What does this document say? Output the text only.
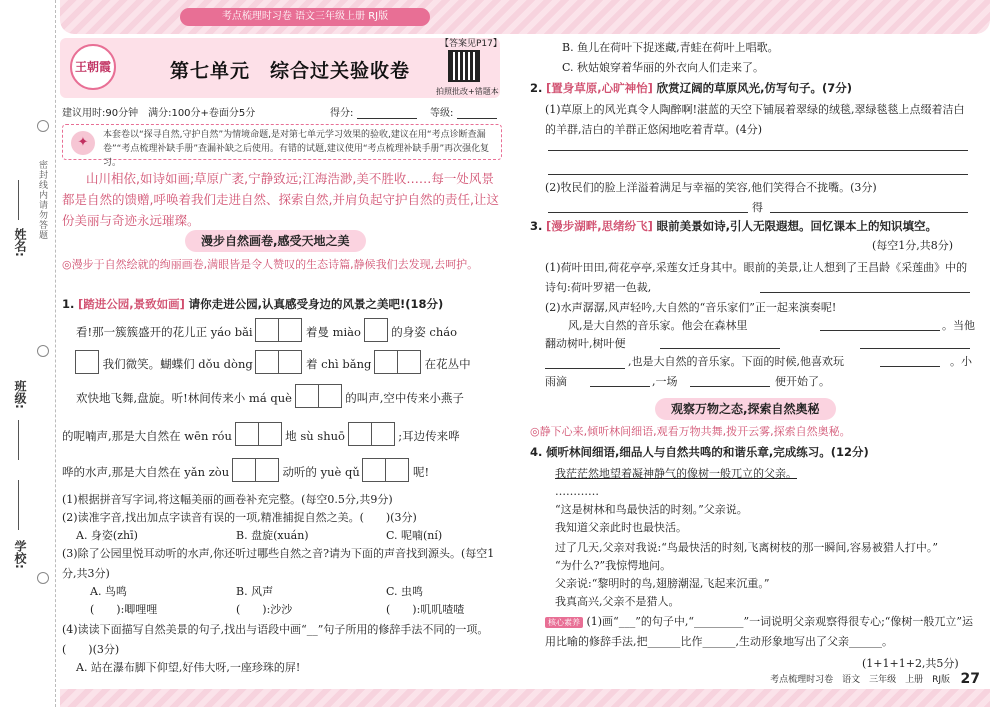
考点梳理时习卷 语文三年级上册 RJ版
姓名:
班级:
学校:
密封线内请勿答题
王朝霞	第七单元　综合过关验收卷
【答案见P17】
拍照批改+错题本
建议用时:90分钟　满分:100分+卷面分5分	得分:	等级:
✦	本套卷以“探寻自然,守护自然”为情境命题,是对第七单元学习效果的验收,建议在用“考点诊断查漏卷”“考点梳理补缺手册”查漏补缺之后使用。有错的试题,建议使用“考点梳理补缺手册”再次强化复习。
山川相依,如诗如画;草原广袤,宁静致远;江海浩渺,美不胜收……每一处风景都是自然的馈赠,呼唤着我们走进自然、探索自然,并肩负起守护自然的责任,让这份美丽与奇迹永远璀璨。
漫步自然画卷,感受天地之美
◎漫步于自然绘就的绚丽画卷,满眼皆是令人赞叹的生态诗篇,静候我们去发现,去呵护。
1. [踏进公园,景致如画] 请你走进公园,认真感受身边的风景之美吧!(18分)
看!那一簇簇盛开的花儿正 yáo bǎi	着曼 miào	的身姿 cháo
我们微笑。蝴蝶们 dǒu dòng	着 chì bǎng	在花丛中
欢快地飞舞,盘旋。听!林间传来小 má què	的叫声,空中传来小燕子
的呢喃声,那是大自然在 wēn róu	地 sù shuō	;耳边传来哗
哗的水声,那是大自然在 yǎn zòu	动听的 yuè qǔ	呢!
(1)根据拼音写字词,将这幅美丽的画卷补充完整。(每空0.5分,共9分)
(2)读准字音,找出加点字读音有误的一项,精准捕捉自然之美。(　　)(3分)
A. 身姿(zhī)	B. 盘旋(xuán)	C. 呢喃(ní)
(3)除了公园里悦耳动听的水声,你还听过哪些自然之音?请为下面的声音找到源头。(每空1分,共3分)
A. 鸟鸣	B. 风声	C. 虫鸣
(　　):唧哩哩	(　　):沙沙	(　　):叽叽喳喳
(4)读读下面描写自然美景的句子,找出与语段中画“__”句子所用的修辞手法不同的一项。(　　)(3分)
A. 站在瀑布脚下仰望,好伟大呀,一座珍珠的屏!
B. 鱼儿在荷叶下捉迷藏,青蛙在荷叶上唱歌。
C. 秋姑娘穿着华丽的外衣向人们走来了。
2. [置身草原,心旷神怡] 欣赏辽阔的草原风光,仿写句子。(7分)
(1)草原上的风光真令人陶醉啊!湛蓝的天空下铺展着翠绿的绒毯,翠绿毯毯上点缀着洁白的羊群,洁白的羊群正悠闲地吃着青草。(4分)
(2)牧民们的脸上洋溢着满足与幸福的笑容,他们笑得合不拢嘴。(3分)
得
3. [漫步湖畔,思绪纷飞] 眼前美景如诗,引人无限遐想。回忆课本上的知识填空。
(每空1分,共8分)
(1)荷叶田田,荷花亭亭,采莲女迁身其中。眼前的美景,让人想到了王昌龄《采莲曲》中的诗句:荷叶罗裙一色裁,
(2)水声潺潺,风声轻吟,大自然的“音乐家们”正一起来演奏呢!
风,是大自然的音乐家。他会在森林里	。当他
翻动树叶,树叶便
,也是大自然的音乐家。下面的时候,他喜欢玩	。小
雨滴	,一场	便开始了。
观察万物之态,探索自然奥秘
◎静下心来,倾听林间细语,观看万物共舞,拨开云雾,探索自然奥秘。
4. 倾听林间细语,细品人与自然共鸣的和谐乐章,完成练习。(12分)
我茫茫然地望着凝神静气的像树一般兀立的父亲。
…………
“这是树林和鸟最快活的时刻。”父亲说。
我知道父亲此时也最快活。
过了几天,父亲对我说:“鸟最快活的时刻,飞离树枝的那一瞬间,容易被猎人打中。”
“为什么?”我惊愕地问。
父亲说:“黎明时的鸟,翅膀潮湿,飞起来沉重。”
我真高兴,父亲不是猎人。
核心素养 (1)画“___”的句子中,“_________”一词说明父亲观察得很专心;“像树一般兀立”运用比喻的修辞手法,把______比作______,生动形象地写出了父亲______。
(1+1+1+2,共5分)
考点梳理时习卷　语文　三年级　上册　RJ版 27
